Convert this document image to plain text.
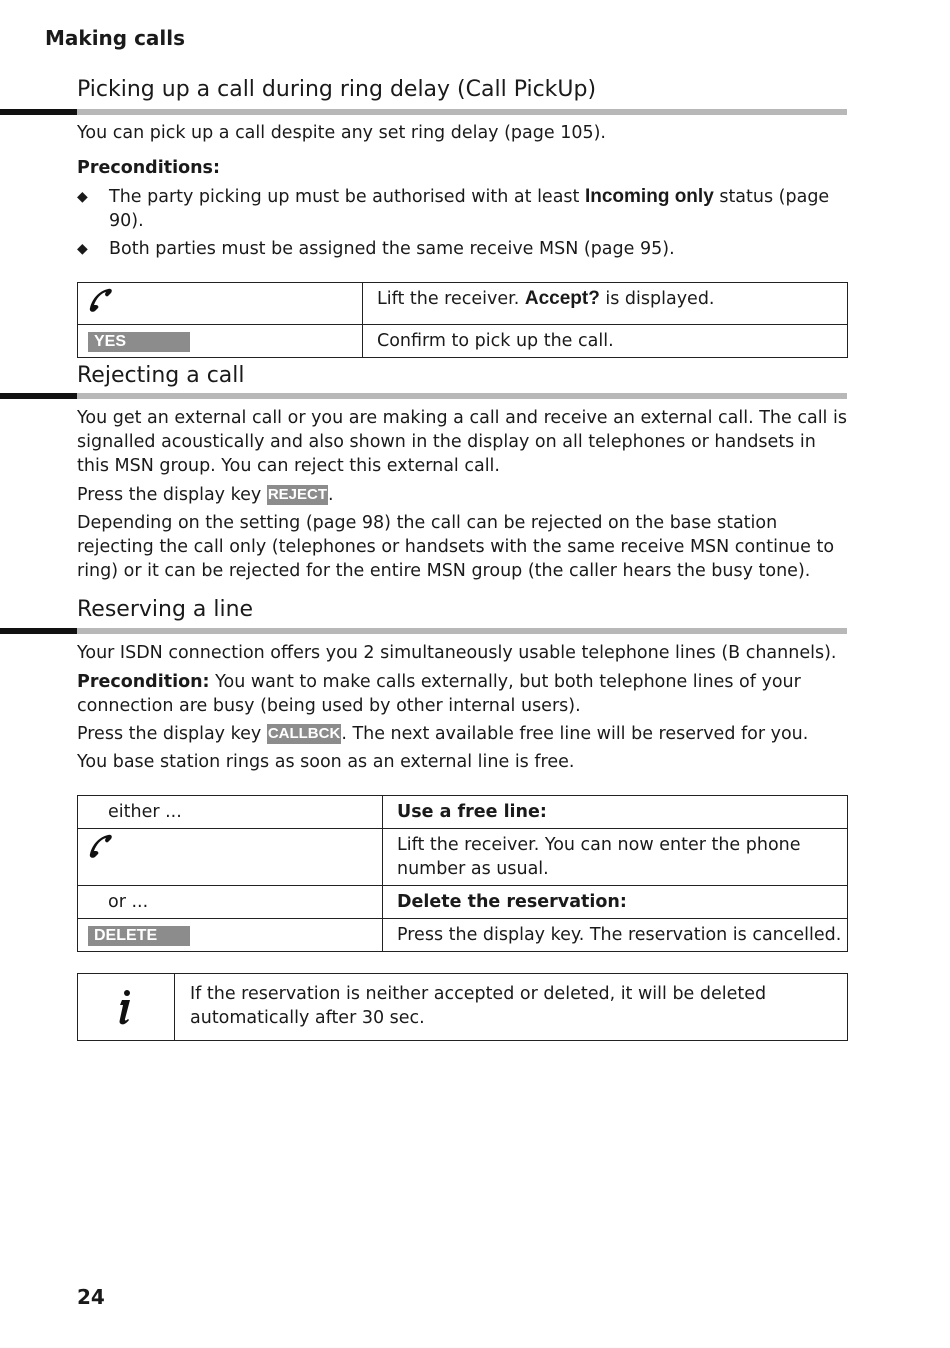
Making calls
Picking up a call during ring delay (Call PickUp)
You can pick up a call despite any set ring delay (page 105).
Preconditions:
◆ The party picking up must be authorised with at least Incoming only status (page 90).
◆ Both parties must be assigned the same receive MSN (page 95).
	Lift the receiver. Accept? is displayed.
YES	Confirm to pick up the call.
Rejecting a call
You get an external call or you are making a call and receive an external call. The call is signalled acoustically and also shown in the display on all telephones or handsets in this MSN group. You can reject this external call.
Press the display key REJECT.
Depending on the setting (page 98) the call can be rejected on the base station rejecting the call only (telephones or handsets with the same receive MSN continue to ring) or it can be rejected for the entire MSN group (the caller hears the busy tone).
Reserving a line
Your ISDN connection offers you 2 simultaneously usable telephone lines (B channels).
Precondition: You want to make calls externally, but both telephone lines of your connection are busy (being used by other internal users).
Press the display key CALLBCK. The next available free line will be reserved for you.
You base station rings as soon as an external line is free.
either ...	Use a free line:
	Lift the receiver. You can now enter the phone number as usual.
or ...	Delete the reservation:
DELETE	Press the display key. The reservation is cancelled.
If the reservation is neither accepted or deleted, it will be deleted automatically after 30 sec.
24
